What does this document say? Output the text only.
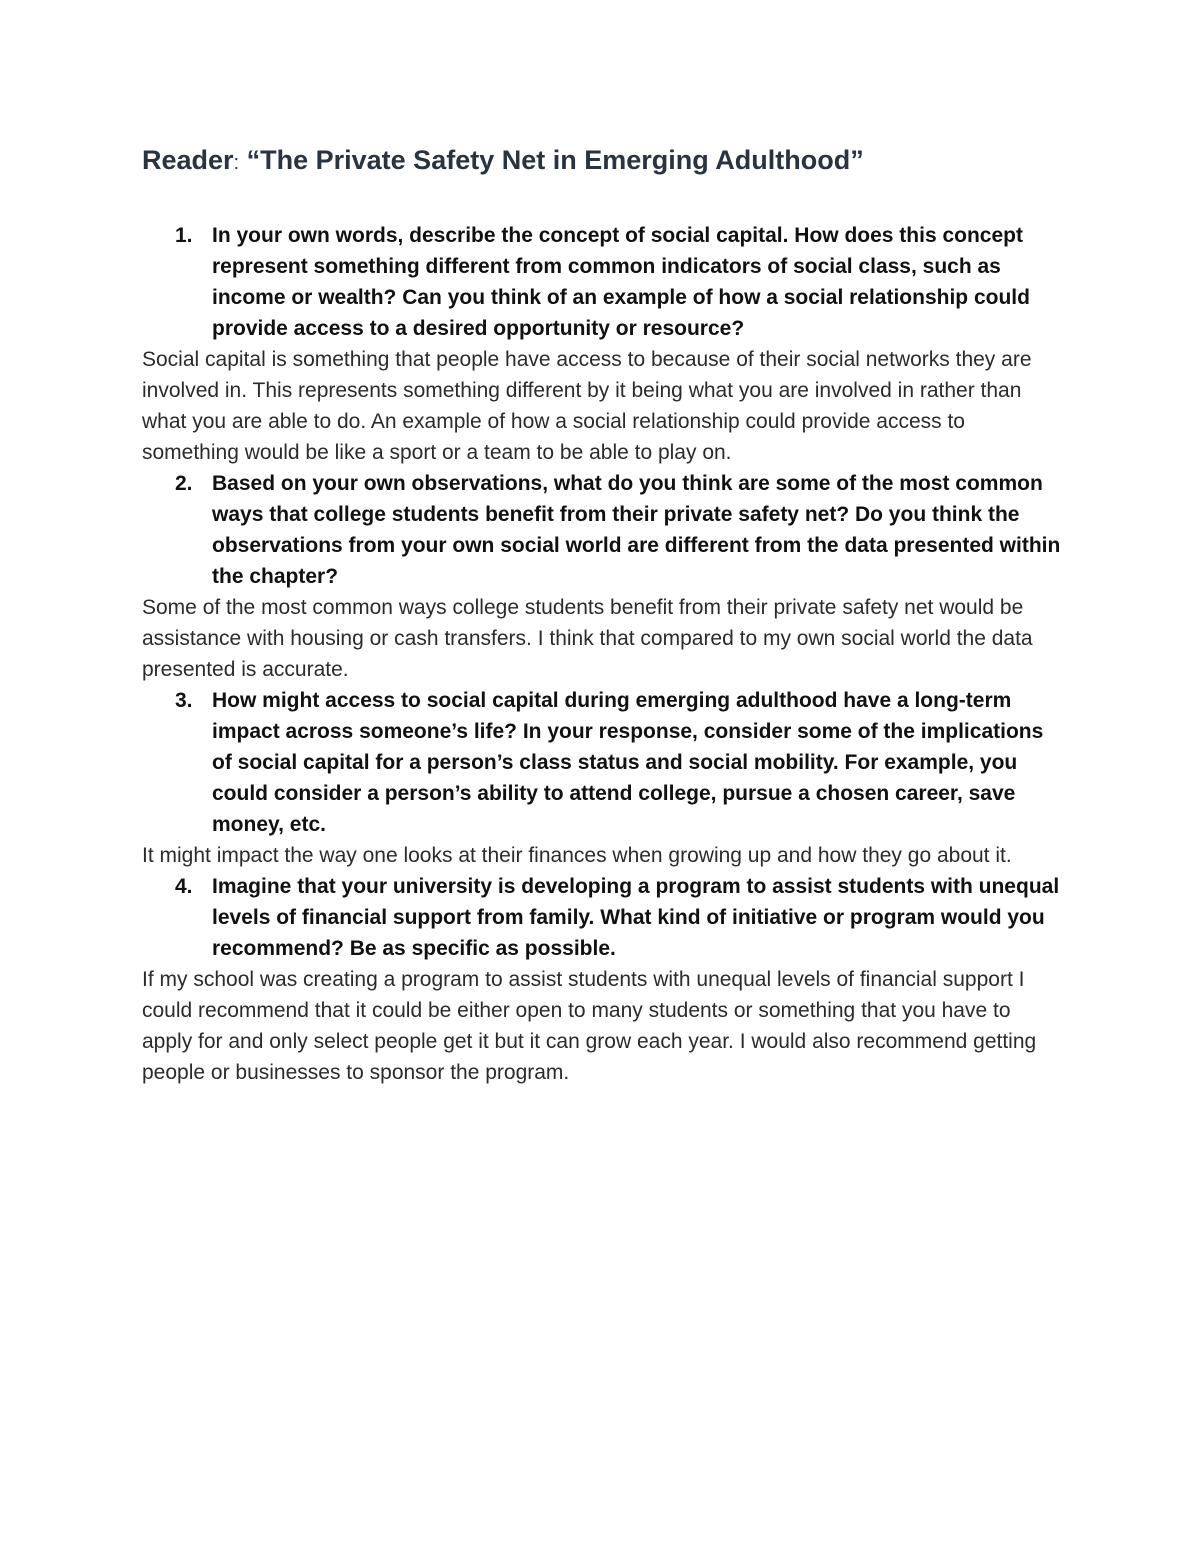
Reader: “The Private Safety Net in Emerging Adulthood”
1. In your own words, describe the concept of social capital. How does this concept represent something different from common indicators of social class, such as income or wealth? Can you think of an example of how a social relationship could provide access to a desired opportunity or resource?
Social capital is something that people have access to because of their social networks they are involved in. This represents something different by it being what you are involved in rather than what you are able to do. An example of how a social relationship could provide access to something would be like a sport or a team to be able to play on.
2. Based on your own observations, what do you think are some of the most common ways that college students benefit from their private safety net? Do you think the observations from your own social world are different from the data presented within the chapter?
Some of the most common ways college students benefit from their private safety net would be assistance with housing or cash transfers. I think that compared to my own social world the data presented is accurate.
3. How might access to social capital during emerging adulthood have a long-term impact across someone’s life? In your response, consider some of the implications of social capital for a person’s class status and social mobility. For example, you could consider a person’s ability to attend college, pursue a chosen career, save money, etc.
It might impact the way one looks at their finances when growing up and how they go about it.
4. Imagine that your university is developing a program to assist students with unequal levels of financial support from family. What kind of initiative or program would you recommend? Be as specific as possible.
If my school was creating a program to assist students with unequal levels of financial support I could recommend that it could be either open to many students or something that you have to apply for and only select people get it but it can grow each year. I would also recommend getting people or businesses to sponsor the program.
